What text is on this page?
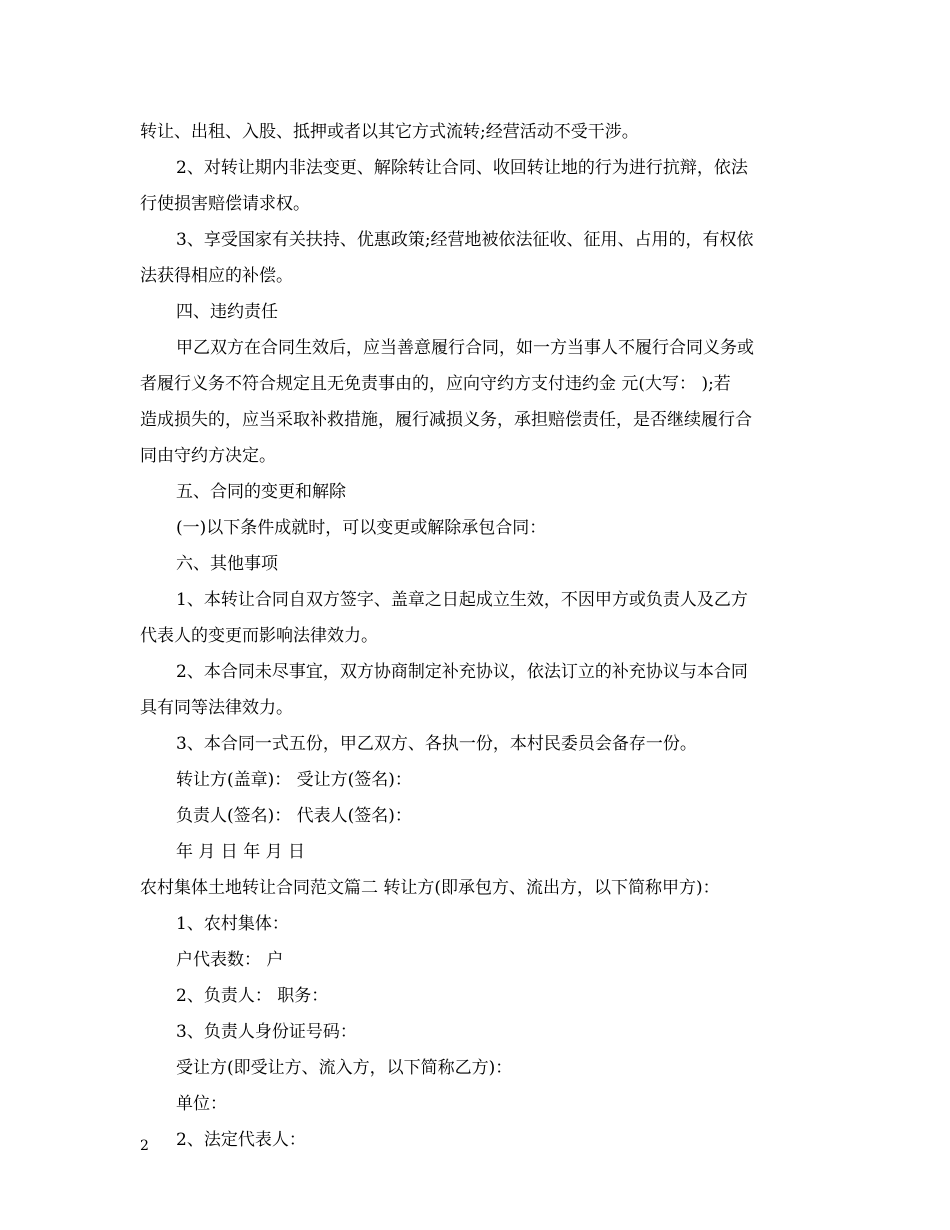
转让、出租、入股、抵押或者以其它方式流转;经营活动不受干涉。
2、对转让期内非法变更、解除转让合同、收回转让地的行为进行抗辩，依法
行使损害赔偿请求权。
3、享受国家有关扶持、优惠政策;经营地被依法征收、征用、占用的，有权依
法获得相应的补偿。
四、违约责任
甲乙双方在合同生效后，应当善意履行合同，如一方当事人不履行合同义务或
者履行义务不符合规定且无免责事由的，应向守约方支付违约金 元(大写： );若
造成损失的，应当采取补救措施，履行减损义务，承担赔偿责任，是否继续履行合
同由守约方决定。
五、合同的变更和解除
(一)以下条件成就时，可以变更或解除承包合同：
六、其他事项
1、本转让合同自双方签字、盖章之日起成立生效，不因甲方或负责人及乙方
代表人的变更而影响法律效力。
2、本合同未尽事宜，双方协商制定补充协议，依法订立的补充协议与本合同
具有同等法律效力。
3、本合同一式五份，甲乙双方、各执一份，本村民委员会备存一份。
转让方(盖章)： 受让方(签名)：
负责人(签名)： 代表人(签名)：
年 月 日 年 月 日
农村集体土地转让合同范文篇二 转让方(即承包方、流出方，以下简称甲方)：
1、农村集体：
户代表数： 户
2、负责人： 职务：
3、负责人身份证号码：
受让方(即受让方、流入方，以下简称乙方)：
单位：
2、法定代表人：
2
